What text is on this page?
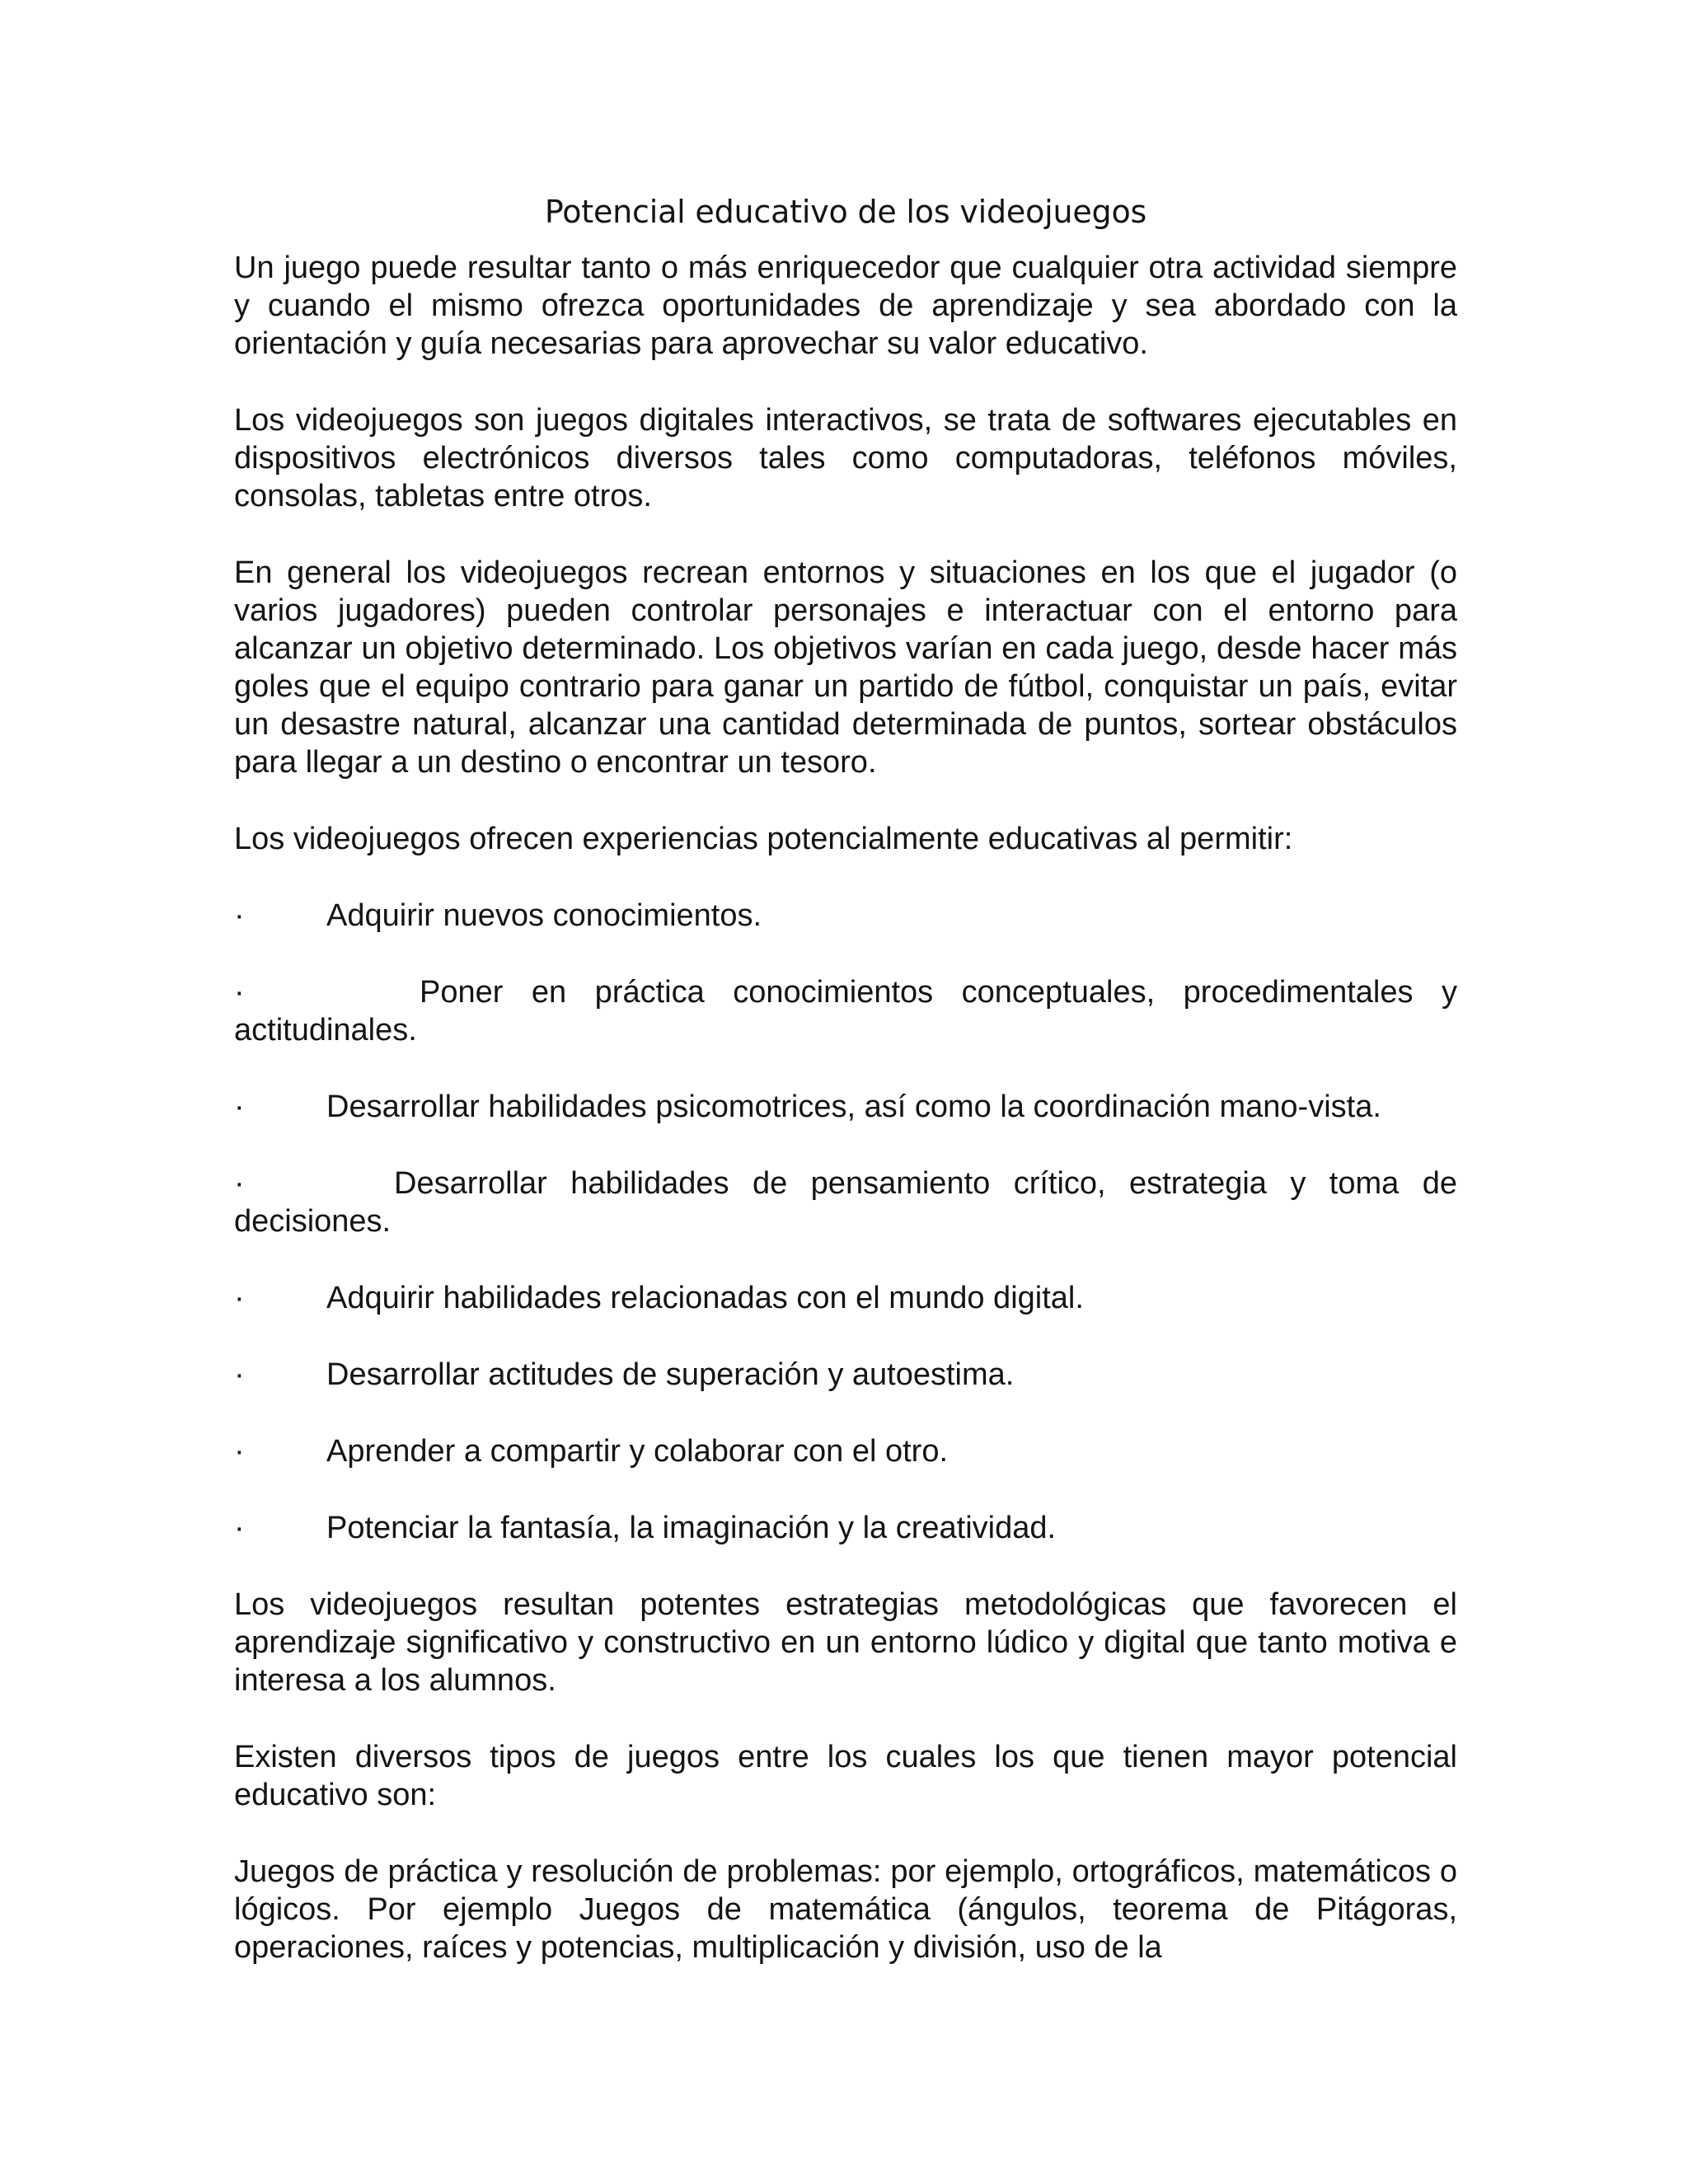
Potencial educativo de los videojuegos

Un juego puede resultar tanto o más enriquecedor que cualquier otra actividad siempre y cuando el mismo ofrezca oportunidades de aprendizaje y sea abordado con la orientación y guía necesarias para aprovechar su valor educativo.

Los videojuegos son juegos digitales interactivos, se trata de softwares ejecutables en dispositivos electrónicos diversos tales como computadoras, teléfonos móviles, consolas, tabletas entre otros.

En general los videojuegos recrean entornos y situaciones en los que el jugador (o varios jugadores) pueden controlar personajes e interactuar con el entorno para alcanzar un objetivo determinado. Los objetivos varían en cada juego, desde hacer más goles que el equipo contrario para ganar un partido de fútbol, conquistar un país, evitar un desastre natural, alcanzar una cantidad determinada de puntos, sortear obstáculos para llegar a un destino o encontrar un tesoro.

Los videojuegos ofrecen experiencias potencialmente educativas al permitir:

·	Adquirir nuevos conocimientos.
·	Poner en práctica conocimientos conceptuales, procedimentales y actitudinales.
·	Desarrollar habilidades psicomotrices, así como la coordinación mano-vista.
·	Desarrollar habilidades de pensamiento crítico, estrategia y toma de decisiones.
·	Adquirir habilidades relacionadas con el mundo digital.
·	Desarrollar actitudes de superación y autoestima.
·	Aprender a compartir y colaborar con el otro.
·	Potenciar la fantasía, la imaginación y la creatividad.

Los videojuegos resultan potentes estrategias metodológicas que favorecen el aprendizaje significativo y constructivo en un entorno lúdico y digital que tanto motiva e interesa a los alumnos.

Existen diversos tipos de juegos entre los cuales los que tienen mayor potencial educativo son:

Juegos de práctica y resolución de problemas: por ejemplo, ortográficos, matemáticos o lógicos. Por ejemplo Juegos de matemática (ángulos, teorema de Pitágoras, operaciones, raíces y potencias, multiplicación y división, uso de la
